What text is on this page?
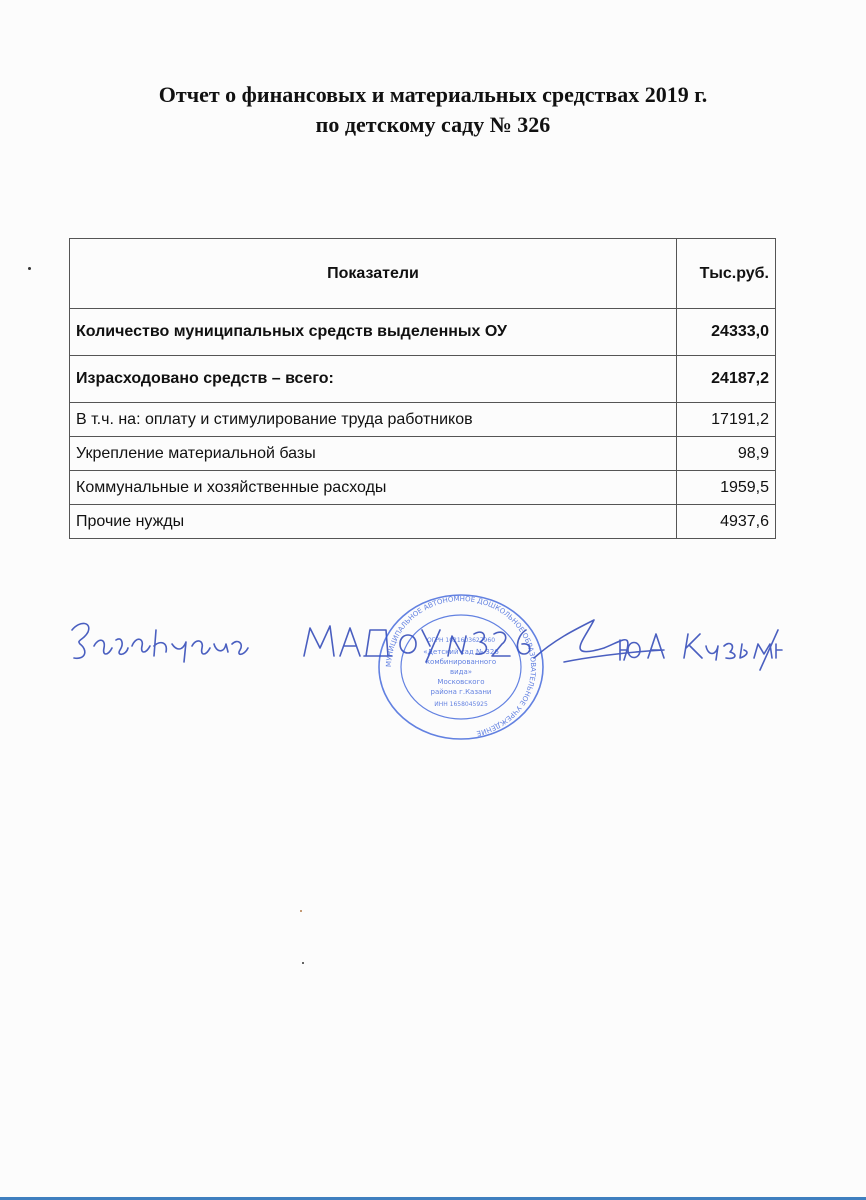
Отчет о финансовых и материальных средствах 2019 г.
по детскому саду № 326
Показатели	Тыс.руб.
Количество муниципальных средств выделенных ОУ	24333,0
Израсходовано средств – всего:	24187,2
В т.ч. на: оплату и стимулирование труда работников	17191,2
Укрепление материальной базы	98,9
Коммунальные и хозяйственные расходы	1959,5
Прочие нужды	4937,6
МУНИЦИПАЛЬНОЕ АВТОНОМНОЕ ДОШКОЛЬНОЕ ОБРАЗОВАТЕЛЬНОЕ УЧРЕЖДЕНИЕ
ОГРН 1021603627960
«Детский сад № 326
комбинированного
вида»
Московского
района г.Казани
ИНН 1658045925
